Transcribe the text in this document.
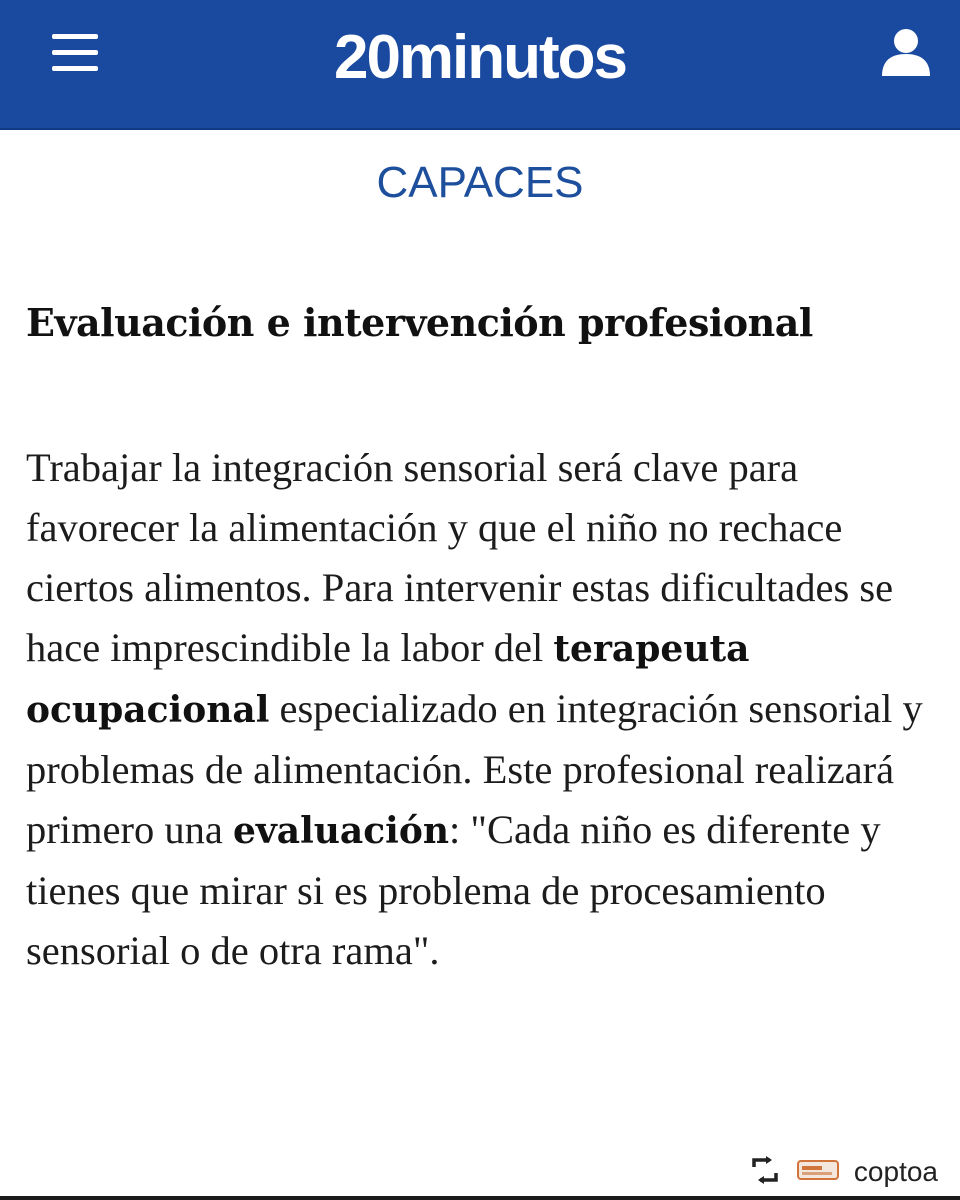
20minutos
CAPACES
Evaluación e intervención profesional

Trabajar la integración sensorial será clave para favorecer la alimentación y que el niño no rechace ciertos alimentos. Para intervenir estas dificultades se hace imprescindible la labor del terapeuta ocupacional especializado en integración sensorial y problemas de alimentación. Este profesional realizará primero una evaluación: "Cada niño es diferente y tienes que mirar si es problema de procesamiento sensorial o de otra rama".

coptoa
